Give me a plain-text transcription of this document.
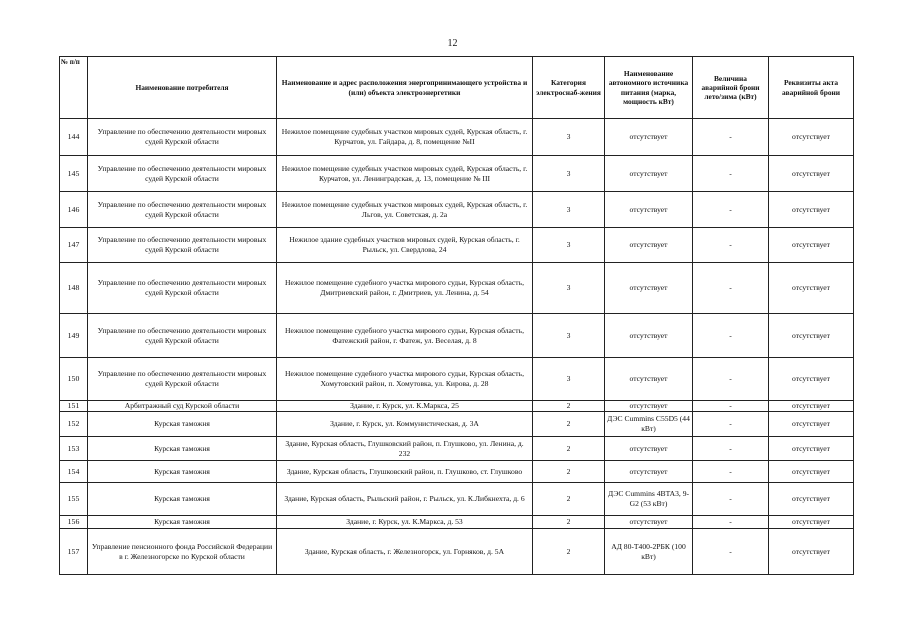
12
№ п/п	Наименование потребителя	Наименование и адрес расположения энергопринимающего устройства и (или) объекта электроэнергетики	Категория электроснаб-жения	Наименование автономного источника питания (марка, мощность кВт)	Величина аварийной брони лето/зима (кВт)	Реквизиты акта аварийной брони
144	Управление по обеспечению деятельности мировых судей Курской области	Нежилое помещение судебных участков мировых судей, Курская область, г. Курчатов, ул. Гайдара, д. 8, помещение №II	3	отсутствует	-	отсутствует
145	Управление по обеспечению деятельности мировых судей Курской области	Нежилое помещение судебных участков мировых судей, Курская область, г. Курчатов, ул. Ленинградская, д. 13, помещение № III	3	отсутствует	-	отсутствует
146	Управление по обеспечению деятельности мировых судей Курской области	Нежилое помещение судебных участков мировых судей, Курская область, г. Льгов, ул. Советская, д. 2а	3	отсутствует	-	отсутствует
147	Управление по обеспечению деятельности мировых судей Курской области	Нежилое здание судебных участков мировых судей, Курская область, г. Рыльск, ул. Свердлова, 24	3	отсутствует	-	отсутствует
148	Управление по обеспечению деятельности мировых судей Курской области	Нежилое помещение судебного участка мирового судьи, Курская область, Дмитриевский район, г. Дмитриев, ул. Ленина, д. 54	3	отсутствует	-	отсутствует
149	Управление по обеспечению деятельности мировых судей Курской области	Нежилое помещение судебного участка мирового судьи, Курская область, Фатежский район, г. Фатеж, ул. Веселая, д. 8	3	отсутствует	-	отсутствует
150	Управление по обеспечению деятельности мировых судей Курской области	Нежилое помещение судебного участка мирового судьи, Курская область, Хомутовский район, п. Хомутовка, ул. Кирова, д. 28	3	отсутствует	-	отсутствует
151	Арбитражный суд Курской области	Здание, г. Курск, ул. К.Маркса, 25	2	отсутствует	-	отсутствует
152	Курская таможня	Здание, г. Курск, ул. Коммунистическая, д. 3А	2	ДЭС Cummins C55D5 (44 кВт)	-	отсутствует
153	Курская таможня	Здание, Курская область, Глушковский район, п. Глушково, ул. Ленина, д. 232	2	отсутствует	-	отсутствует
154	Курская таможня	Здание, Курская область, Глушковский район, п. Глушково, ст. Глушково	2	отсутствует	-	отсутствует
155	Курская таможня	Здание, Курская область, Рыльский район, г. Рыльск, ул. К.Либкнехта, д. 6	2	ДЭС Cummins 4BTA3, 9-G2 (53 кВт)	-	отсутствует
156	Курская таможня	Здание, г. Курск, ул. К.Маркса, д. 53	2	отсутствует	-	отсутствует
157	Управление пенсионного фонда Российской Федерации в г. Железногорске по Курской области	Здание, Курская область, г. Железногорск, ул. Горняков, д. 5А	2	АД 80-Т400-2РБК (100 кВт)	-	отсутствует
